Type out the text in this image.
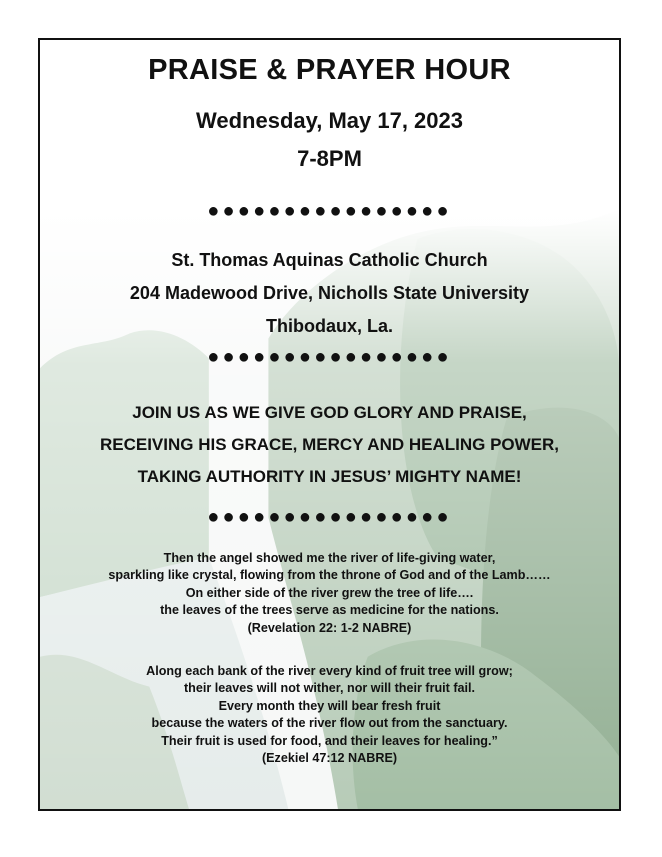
PRAISE & PRAYER HOUR
Wednesday, May 17, 2023
7-8PM
●●●●●●●●●●●●●●●●
St. Thomas Aquinas Catholic Church
204 Madewood Drive, Nicholls State University
Thibodaux, La.
●●●●●●●●●●●●●●●●
JOIN US AS WE GIVE GOD GLORY AND PRAISE,
RECEIVING HIS GRACE, MERCY AND HEALING POWER,
TAKING AUTHORITY IN JESUS’ MIGHTY NAME!
●●●●●●●●●●●●●●●●
Then the angel showed me the river of life-giving water,
sparkling like crystal, flowing from the throne of God and of the Lamb……
On either side of the river grew the tree of life….
the leaves of the trees serve as medicine for the nations.
(Revelation 22: 1-2 NABRE)
Along each bank of the river every kind of fruit tree will grow;
their leaves will not wither, nor will their fruit fail.
Every month they will bear fresh fruit
because the waters of the river flow out from the sanctuary.
Their fruit is used for food, and their leaves for healing.”
(Ezekiel 47:12 NABRE)
